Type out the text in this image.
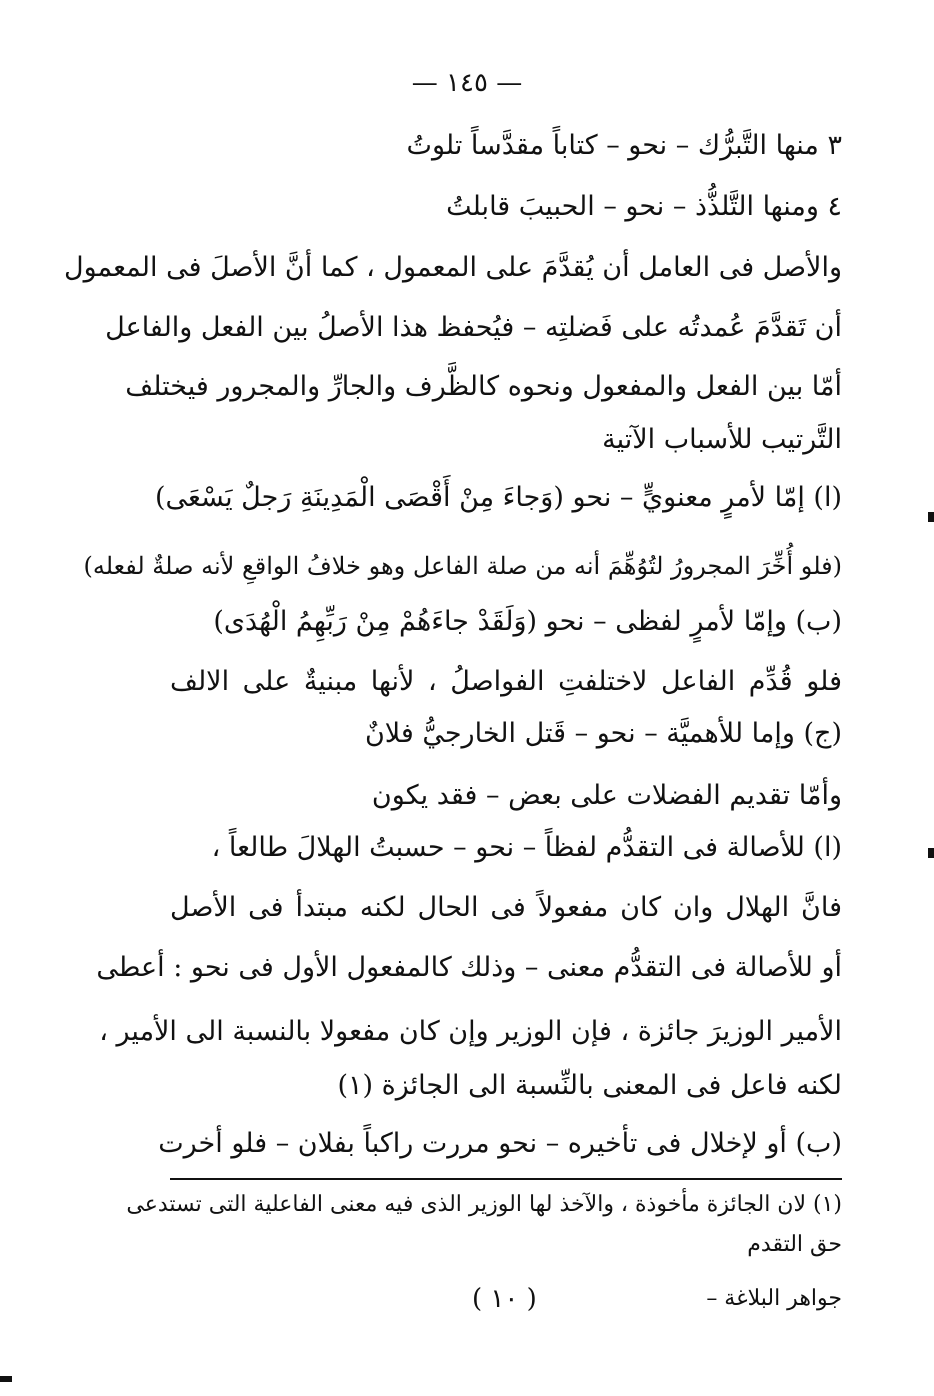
— ١٤٥ —
٣ منها التَّبرُّك – نحو – كتاباً مقدَّساً تلوتُ
٤ ومنها التَّلذُّذ – نحو – الحبيبَ قابلتُ
والأصل فى العامل أن يُقدَّمَ على المعمول ، كما أنَّ الأصلَ فى المعمول
أن تَقدَّمَ عُمدتُه على فَضلتِه – فيُحفظ هذا الأصلُ بين الفعل والفاعل
أمّا بين الفعل والمفعول ونحوه كالظَّرف والجارِّ والمجرور فيختلف
التَّرتيب للأسباب الآتية
(ا) إمّا لأمرٍ معنويٍّ – نحو (وَجاءَ مِنْ أَقْصَى الْمَدِينَةِ رَجلٌ يَسْعَى)
(فلو أُخِّرَ المجرورُ لتُوُهِّمَ أنه من صلة الفاعل وهو خلافُ الواقعِ لأنه صلةٌ لفعله)
(ب) وإمّا لأمرٍ لفظى – نحو (وَلَقَدْ جاءَهُمْ مِنْ رَبِّهِمُ الْهُدَى)
فلو قُدِّم الفاعل لاختلفتِ الفواصلُ ، لأنها مبنيةٌ على الالف
(ج) وإما للأهميَّة – نحو – قَتل الخارجيُّ فلانٌ
وأمّا تقديم الفضلات على بعض – فقد يكون
(ا) للأصالة فى التقدُّم لفظاً – نحو – حسبتُ الهلالَ طالعاً ،
فانَّ الهلال وان كان مفعولاً فى الحال لكنه مبتدأ فى الأصل
أو للأصالة فى التقدُّم معنى – وذلك كالمفعول الأول فى نحو : أعطى
الأمير الوزيرَ جائزة ، فإن الوزير وإن كان مفعولا بالنسبة الى الأمير ،
لكنه فاعل فى المعنى بالنِّسبة الى الجائزة (١)
(ب) أو لإخلال فى تأخيره – نحو مررت راكباً بفلان – فلو أخرت
(١) لان الجائزة مأخوذة ، والآخذ لها الوزير الذى فيه معنى الفاعلية التى تستدعى
حق التقدم
( ١٠ )	جواهر البلاغة –
